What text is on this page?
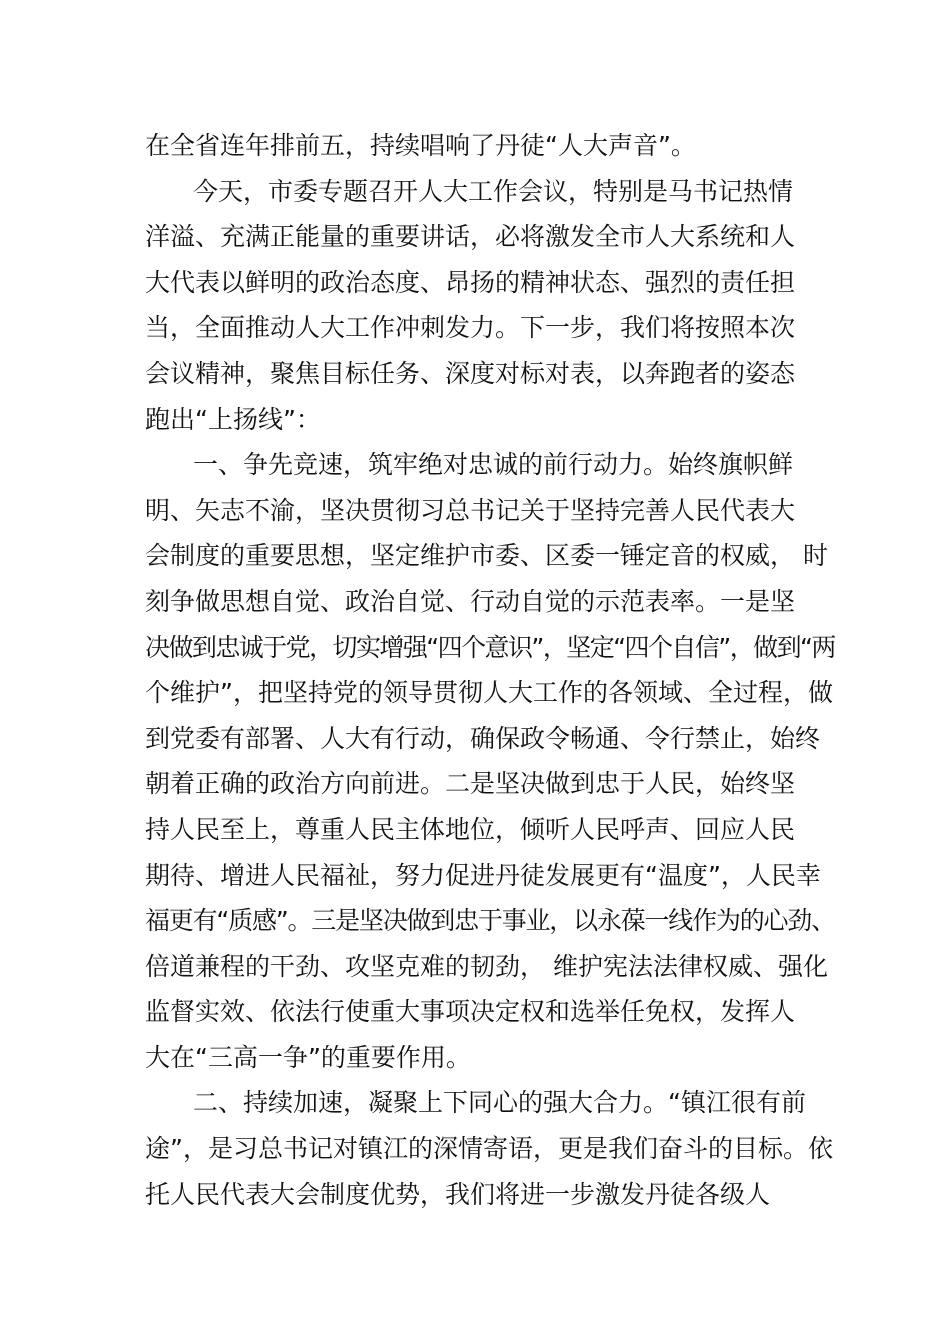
在全省连年排前五，持续唱响了丹徒“人大声音”。
今天，市委专题召开人大工作会议，特别是马书记热情
洋溢、充满正能量的重要讲话，必将激发全市人大系统和人
大代表以鲜明的政治态度、昂扬的精神状态、强烈的责任担
当，全面推动人大工作冲刺发力。下一步，我们将按照本次
会议精神，聚焦目标任务、深度对标对表，以奔跑者的姿态
跑出“上扬线”：
一、争先竞速，筑牢绝对忠诚的前行动力。始终旗帜鲜
明、矢志不渝，坚决贯彻习总书记关于坚持完善人民代表大
会制度的重要思想，坚定维护市委、区委一锤定音的权威， 时
刻争做思想自觉、政治自觉、行动自觉的示范表率。一是坚
决做到忠诚于党，切实增强“四个意识”，坚定“四个自信”，做到“两
个维护”，把坚持党的领导贯彻人大工作的各领域、全过程，做
到党委有部署、人大有行动，确保政令畅通、令行禁止，始终
朝着正确的政治方向前进。二是坚决做到忠于人民，始终坚
持人民至上，尊重人民主体地位，倾听人民呼声、回应人民
期待、增进人民福祉，努力促进丹徒发展更有“温度”，人民幸
福更有“质感”。三是坚决做到忠于事业，以永葆一线作为的心劲、
倍道兼程的干劲、攻坚克难的韧劲， 维护宪法法律权威、强化
监督实效、依法行使重大事项决定权和选举任免权，发挥人
大在“三高一争”的重要作用。
二、持续加速，凝聚上下同心的强大合力。“镇江很有前
途”，是习总书记对镇江的深情寄语，更是我们奋斗的目标。依
托人民代表大会制度优势，我们将进一步激发丹徒各级人
